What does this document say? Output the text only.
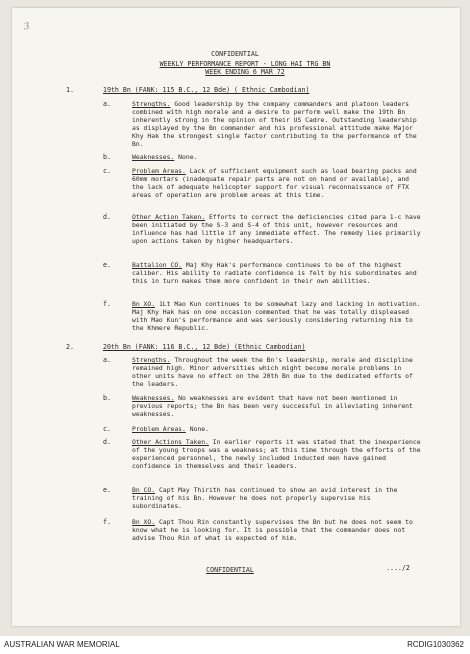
3
CONFIDENTIAL
WEEKLY PERFORMANCE REPORT - LONG HAI TRG BN
WEEK ENDING 6 MAR 72
1.	19th Bn (FANK: 115 B.C., 12 Bde) ( Ethnic Cambodian)
a.	Strengths. Good leadership by the company commanders and platoon leaders combined with high morale and a desire to perform well make the 19th Bn inherently strong in the opinion of their US Cadre. Outstanding leadership as displayed by the Bn commander and his professional attitude make Major Khy Hak the strongest single factor contributing to the performance of the Bn.

b.	Weaknesses. None.

c.	Problem Areas. Lack of sufficient equipment such as load bearing packs and 60mm mortars (inadequate repair parts are not on hand or available), and the lack of adequate helicopter support for visual reconnaissance of FTX areas of operation are problem areas at this time.

d.	Other Action Taken. Efforts to correct the deficiencies cited para 1-c have been initiated by the S-3 and S-4 of this unit, however resources and influence has had little if any immediate effect. The remedy lies primarily upon actions taken by higher headquarters.

e.	Battalion CO. Maj Khy Hak's performance continues to be of the highest caliber. His ability to radiate confidence is felt by his subordinates and this in turn makes them more confident in their own abilities.

f.	Bn XO. 1Lt Mao Kun continues to be somewhat lazy and lacking in motivation. Maj Khy Hak has on one occasion commented that he was totally displeased with Mao Kun's performance and was seriously considering returning him to the Khmere Republic.

2.	20th Bn (FANK: 116 B.C., 12 Bde) (Ethnic Cambodian)
a.	Strengths. Throughout the week the Bn's leadership, morale and discipline remained high. Minor adversities which might become morale problems in other units have no effect on the 20th Bn due to the dedicated efforts of the leaders.

b.	Weaknesses. No weaknesses are evident that have not been mentioned in previous reports; the Bn has been very successful in alleviating inherent weaknesses.

c.	Problem Areas. None.

d.	Other Actions Taken. In earlier reports it was stated that the inexperience of the young troops was a weakness; at this time through the efforts of the experienced personnel, the newly included inducted men have gained confidence in themselves and their leaders.

e.	Bn CO. Capt May Thirith has continued to show an avid interest in the training of his Bn. However he does not properly supervise his subordinates.

f.	Bn XO. Capt Thou Rin constantly supervises the Bn but he does not seem to know what he is looking for. It is possible that the commander does not advise Thou Rin of what is expected of him.

CONFIDENTIAL	..../2
AUSTRALIAN WAR MEMORIAL	RCDIG1030362
